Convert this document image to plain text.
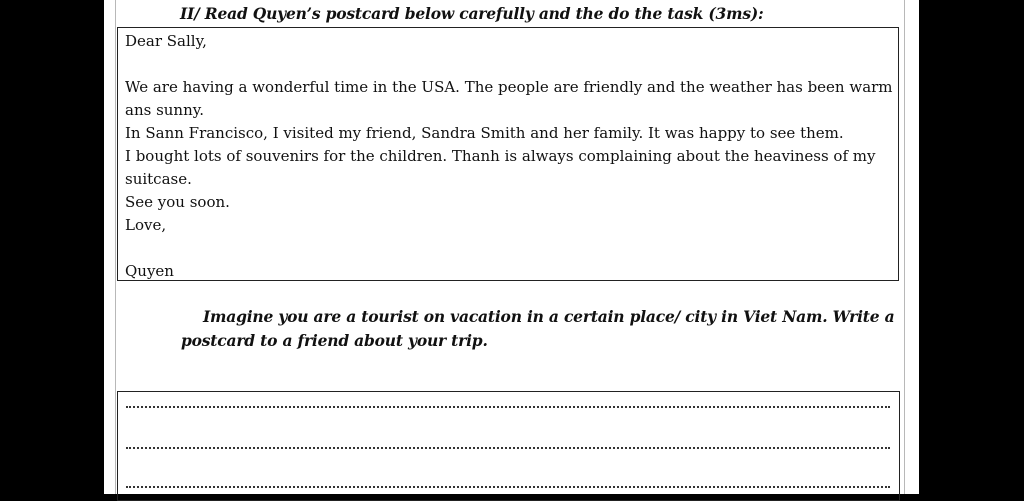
II/ Read Quyen’s postcard below carefully and the do the task (3ms):

Dear Sally,

We are having a wonderful time in the USA. The people are friendly and the weather has been warm ans sunny.

In Sann Francisco, I visited my friend, Sandra Smith and her family. It was happy to see them.

I bought lots of souvenirs for the children. Thanh is always complaining about the heaviness of my suitcase.

See you soon.

Love,

Quyen

Imagine you are a tourist on vacation in a certain place/ city in Viet Nam. Write a postcard to a friend about your trip.
